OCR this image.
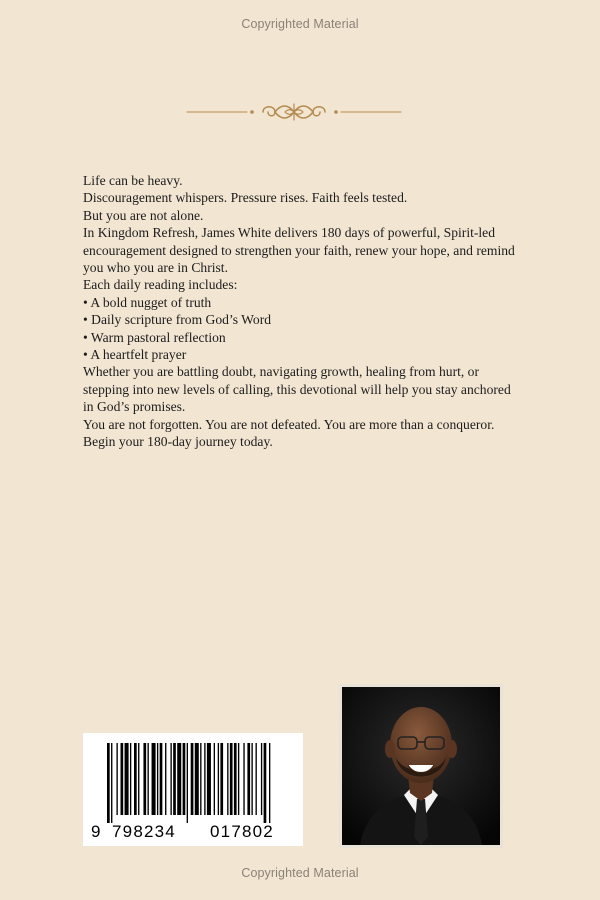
Copyrighted Material

Life can be heavy.

Discouragement whispers. Pressure rises. Faith feels tested.

But you are not alone.

In Kingdom Refresh, James White delivers 180 days of powerful, Spirit-led encouragement designed to strengthen your faith, renew your hope, and remind you who you are in Christ.

Each daily reading includes:

• A bold nugget of truth

• Daily scripture from God’s Word

• Warm pastoral reflection

• A heartfelt prayer

Whether you are battling doubt, navigating growth, healing from hurt, or stepping into new levels of calling, this devotional will help you stay anchored in God’s promises.

You are not forgotten. You are not defeated. You are more than a conqueror.

Begin your 180-day journey today.

9 798234 017802
Copyrighted Material
